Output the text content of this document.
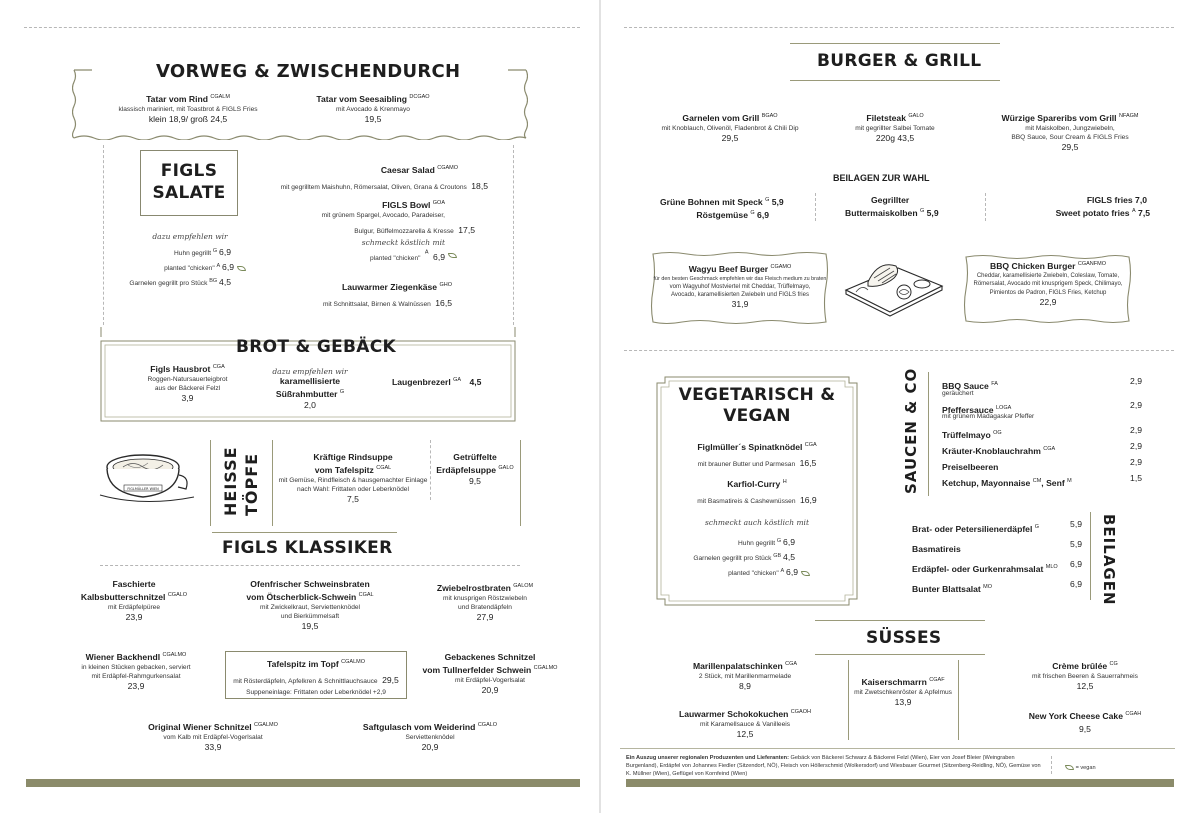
VORWEG & ZWISCHENDURCH
Tatar vom Rind $^{CGALM}$
klassisch mariniert, mit Toastbrot & FIGLS Fries
klein 18,9/ groß 24,5
Tatar vom Seesaibling $^{DCGAO}$
mit Avocado & Krenmayo
19,5
FIGLS
SALATE
dazu empfehlen wir
Huhn gegrillt $^G$ 6,9
planted "chicken" $^A$ 6,9
Garnelen gegrillt pro Stück $^{BG}$ 4,5
Caesar Salad $^{CGAMO}$
mit gegrilltem Maishuhn, Römersalat, Oliven, Grana & Croutons 18,5
FIGLS Bowl $^{GOA}$
mit grünem Spargel, Avocado, Paradeiser,
Bulgur, Büffelmozzarella & Kresse 17,5
schmeckt köstlich mit
planted "chicken" $^A$ 6,9
Lauwarmer Ziegenkäse $^{GHO}$
mit Schnittsalat, Birnen & Walnüssen 16,5
BROT & GEBÄCK
Figls Hausbrot $^{CGA}$
Roggen-Natursauerteigbrot
aus der Bäckerei Felzl
3,9
dazu empfehlen wir
karamellisierte
Süßrahmbutter $^G$
2,0
Laugenbrezerl $^{GA}$ 4,5
FIGLMÜLLER WIEN	HEISSE TÖPFE	Kräftige Rindsuppe
vom Tafelspitz $^{CGAL}$
mit Gemüse, Rindfleisch & hausgemachter Einlage
nach Wahl: Frittaten oder Leberknödel
7,5
Getrüffelte
Erdäpfelsuppe $^{GALO}$
9,5
FIGLS KLASSIKER
Faschierte
Kalbsbutterschnitzel $^{CGALO}$
mit Erdäpfelpüree
23,9
Ofenfrischer Schweinsbraten
vom Ötscherblick-Schwein $^{CGAL}$
mit Zwickelkraut, Serviettenknödel
und Bierkümmelsaft
19,5
Zwiebelrostbraten $^{GALOM}$
mit knusprigen Röstzwiebeln
und Bratendäpfeln
27,9
Wiener Backhendl $^{CGALMO}$
in kleinen Stücken gebacken, serviert
mit Erdäpfel-Rahmgurkensalat
23,9
Tafelspitz im Topf $^{CGALMO}$
mit Rösterdäpfeln, Apfelkren & Schnittlauchsauce 29,5
Suppeneinlage: Frittaten oder Leberknödel +2,9
Gebackenes Schnitzel
vom Tullnerfelder Schwein $^{CGALMO}$
mit Erdäpfel-Vogerlsalat
20,9
Original Wiener Schnitzel $^{CGALMO}$
vom Kalb mit Erdäpfel-Vogerlsalat
33,9
Saftgulasch vom Weiderind $^{CGALO}$
Serviettenknödel
20,9
BURGER & GRILL
Garnelen vom Grill $^{BGAO}$
mit Knoblauch, Olivenöl, Fladenbrot & Chili Dip
29,5
Filetsteak $^{GALO}$
mit gegrillter Salbei Tomate
220g 43,5
Würzige Spareribs vom Grill $^{NFAGM}$
mit Maiskolben, Jungzwiebeln,
BBQ Sauce, Sour Cream & FIGLS Fries
29,5
BEILAGEN ZUR WAHL
Grüne Bohnen mit Speck $^G$ 5,9
Röstgemüse $^G$ 6,9
Gegrillter
Buttermaiskolben $^G$ 5,9
FIGLS fries 7,0
Sweet potato fries $^A$ 7,5
Wagyu Beef Burger $^{CGAMO}$
für den besten Geschmack empfehlen wir das Fleisch medium zu braten
vom Wagyuhof Mostviertel mit Cheddar, Trüffelmayo,
Avocado, karamellisierten Zwiebeln und FIGLS fries
31,9
BBQ Chicken Burger $^{CGANFMO}$
Cheddar, karamellisierte Zwiebeln, Coleslaw, Tomate,
Römersalat, Avocado mit knusprigem Speck, Chilimayo,
Pimientos de Padron, FIGLS Fries, Ketchup
22,9
VEGETARISCH &
VEGAN
Figlmüller´s Spinatknödel $^{CGA}$
mit brauner Butter und Parmesan 16,5
Karfiol-Curry $^H$
mit Basmatireis & Cashewnüssen 16,9
schmeckt auch köstlich mit
Huhn gegrillt $^G$ 6,9
Garnelen gegrillt pro Stück $^{GB}$ 4,5
planted "chicken" $^A$ 6,9
SAUCEN & CO	BBQ Sauce $^{FA}$	2,9
geräuchert
Pfeffersauce $^{LOGA}$	2,9
mit grünem Madagaskar Pfeffer
Trüffelmayo $^{OG}$	2,9
Kräuter-Knoblauchrahm $^{CGA}$	2,9
Preiselbeeren	2,9
Ketchup, Mayonnaise $^{CM}$, Senf $^M$	1,5
Brat- oder Petersilienerdäpfel $^G$	5,9
Basmatireis	5,9
Erdäpfel- oder Gurkenrahmsalat $^{MLO}$ 6,9
Bunter Blattsalat $^{MO}$	6,9 BEILAGEN
SÜSSES
Marillenpalatschinken $^{CGA}$
2 Stück, mit Marillenmarmelade
8,9	Kaiserschmarrn $^{CGAF}$
mit Zwetschkenröster & Apfelmus
13,9
Crème brûlée $^{CG}$
mit frischen Beeren & Sauerrahmeis
12,5
Lauwarmer Schokokuchen $^{CGAOH}$
mit Karamellsauce & Vanilleeis
12,5
New York Cheese Cake $^{CGAH}$
9,5
Ein Auszug unserer regionalen Produzenten und Lieferanten: Gebäck von Bäckerei Schwarz & Bäckerei Felzl (Wien), Eier von Josef Bleier (Weingraben Burgenland), Erdäpfel von Johannes Fiedler (Sitzendorf, NÖ), Fleisch von Höllerschmid (Wolkersdorf) und Wiesbauer Gourmet (Sitzenberg-Reidling, NÖ), Gemüse von K. Müllner (Wien), Geflügel von Kornfeind (Wien)
= vegan
